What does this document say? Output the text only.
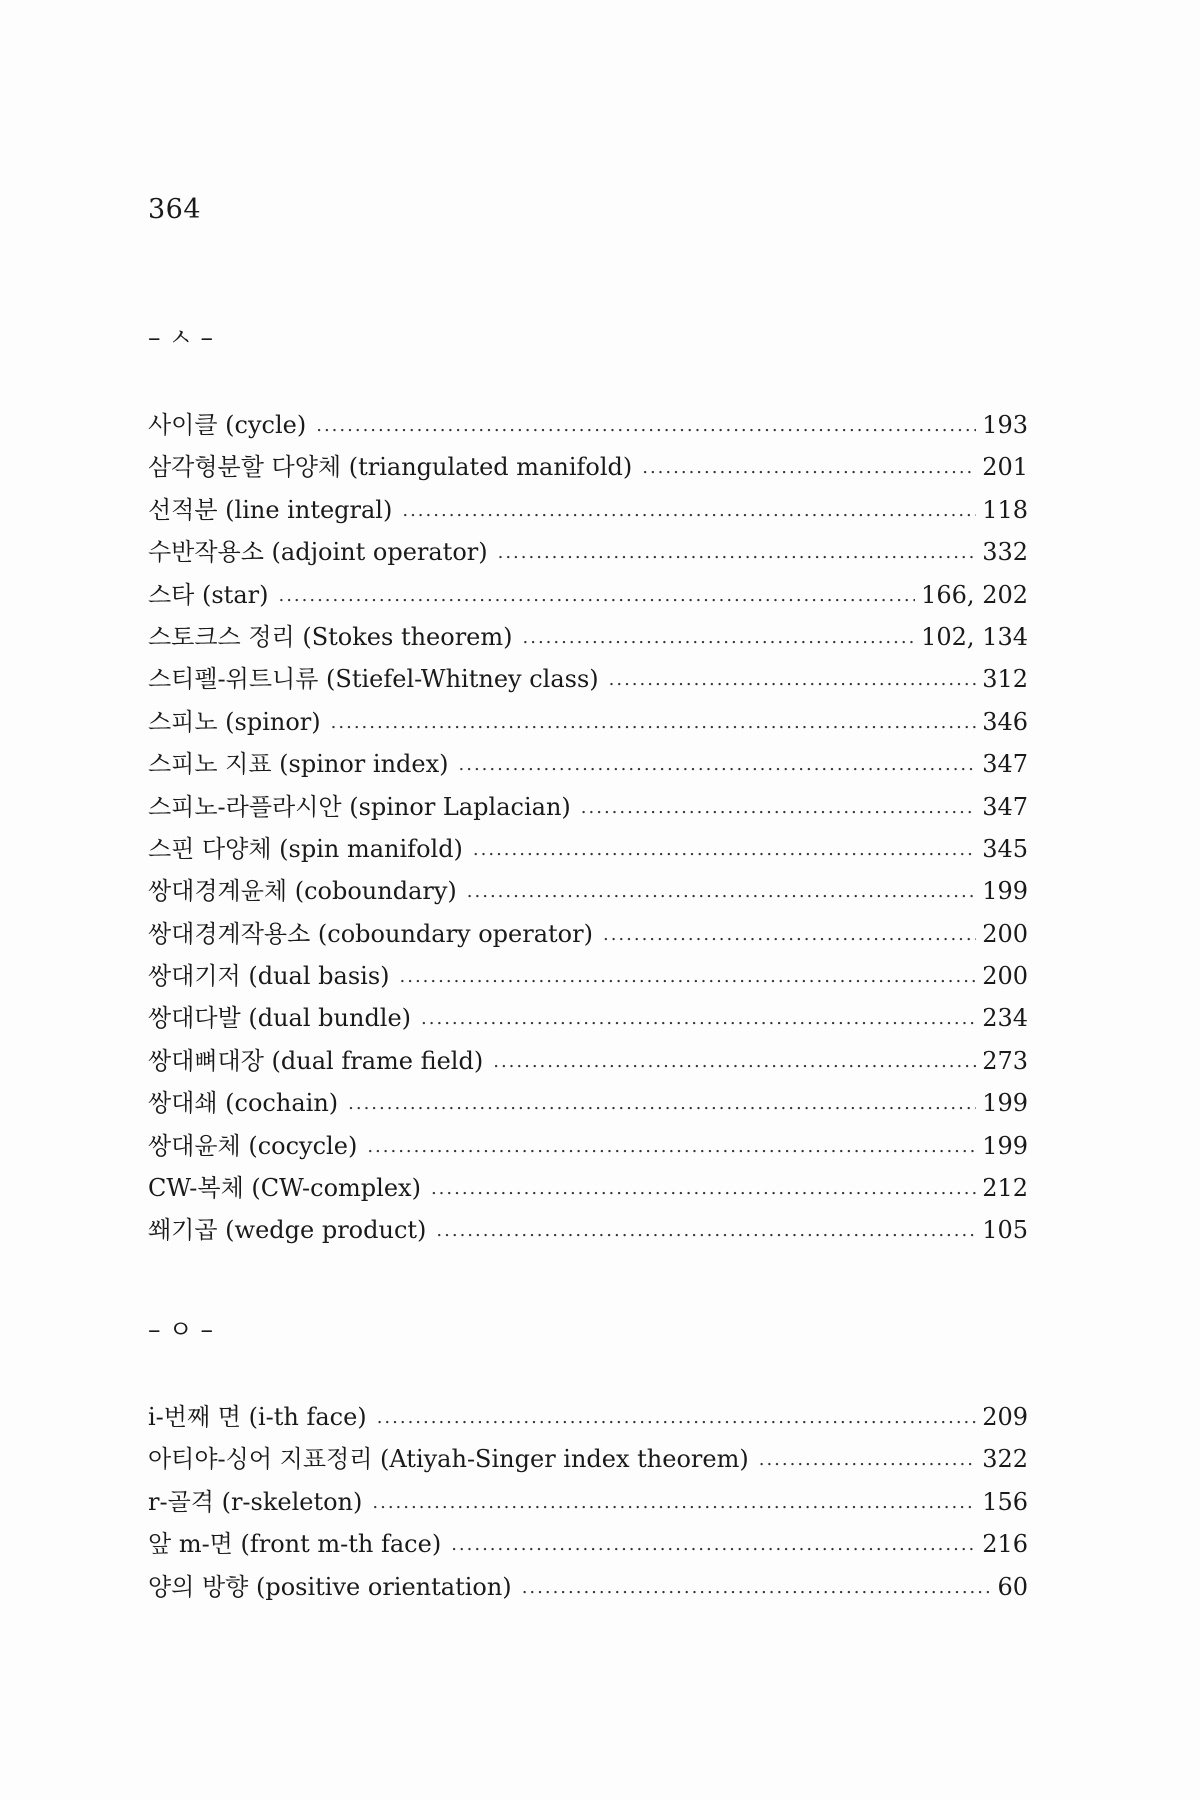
364
– ㅅ –
사이클 (cycle) .....	193
삼각형분할 다양체 (triangulated manifold) .....	201
선적분 (line integral) .....	118
수반작용소 (adjoint operator) .....	332
스타 (star) .....	166, 202
스토크스 정리 (Stokes theorem) .....	102, 134
스티펠-위트니류 (Stiefel-Whitney class) .....	312
스피노 (spinor) .....	346
스피노 지표 (spinor index) .....	347
스피노-라플라시안 (spinor Laplacian) .....	347
스핀 다양체 (spin manifold) .....	345
쌍대경계윤체 (coboundary) .....	199
쌍대경계작용소 (coboundary operator) .....	200
쌍대기저 (dual basis) .....	200
쌍대다발 (dual bundle) .....	234
쌍대뼈대장 (dual frame field) .....	273
쌍대쇄 (cochain) .....	199
쌍대윤체 (cocycle) .....	199
CW-복체 (CW-complex) .....	212
쐐기곱 (wedge product) .....	105
– ㅇ –
i-번째 면 (i-th face) .....	209
아티야-싱어 지표정리 (Atiyah-Singer index theorem) .....	322
r-골격 (r-skeleton) .....	156
앞 m-면 (front m-th face) .....	216
양의 방향 (positive orientation) .....	60
